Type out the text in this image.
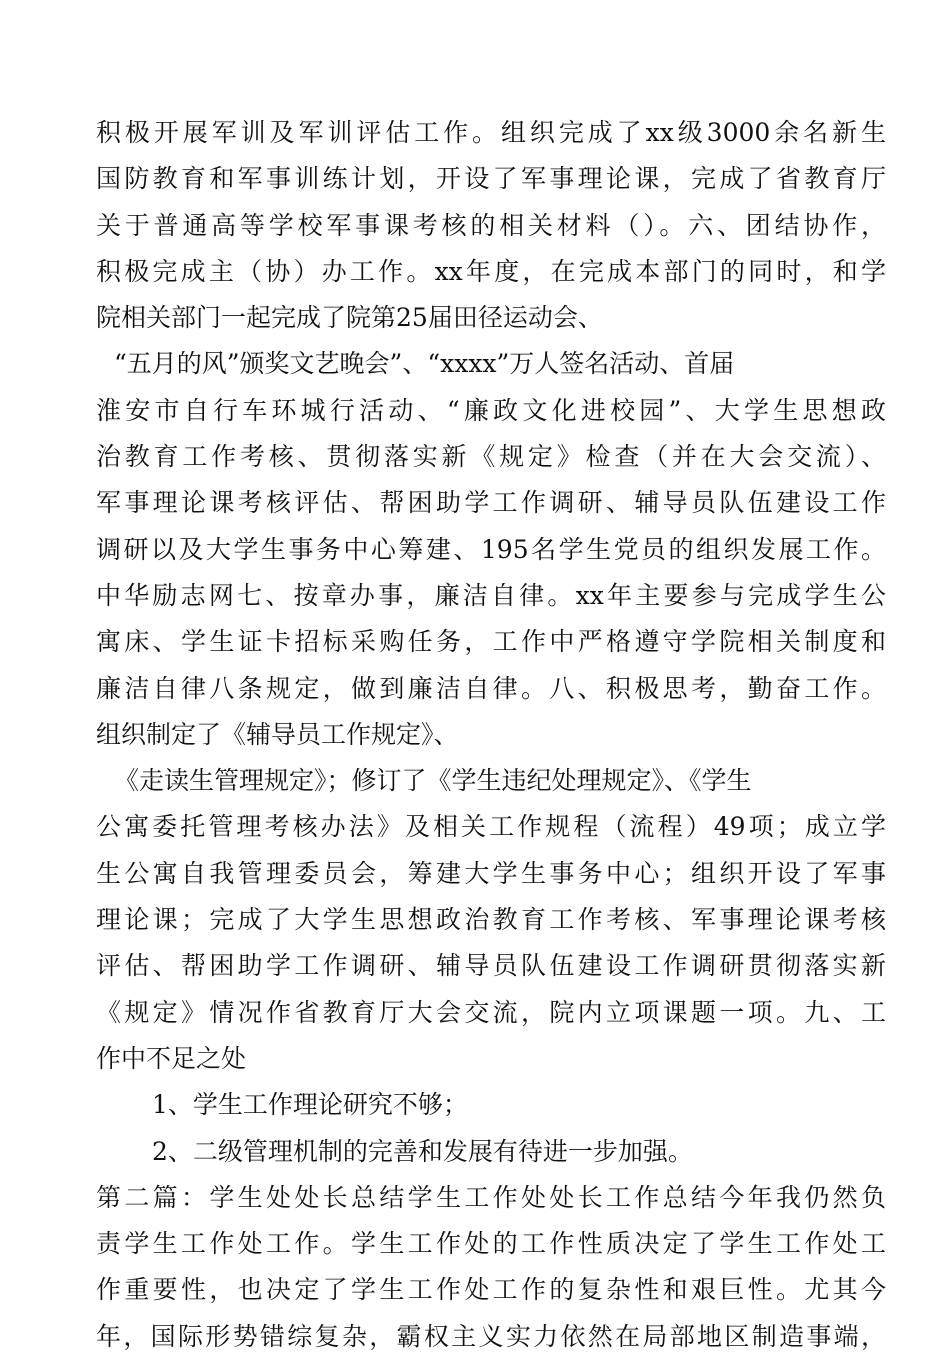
积极开展军训及军训评估工作。组织完成了xx级3000余名新生
国防教育和军事训练计划，开设了军事理论课，完成了省教育厅
关于普通高等学校军事课考核的相关材料（）。六、团结协作，
积极完成主（协）办工作。xx年度，在完成本部门的同时，和学
院相关部门一起完成了院第25届田径运动会、
“五月的风”颁奖文艺晚会”、“xxxx”万人签名活动、首届
淮安市自行车环城行活动、“廉政文化进校园”、大学生思想政
治教育工作考核、贯彻落实新《规定》检查（并在大会交流）、
军事理论课考核评估、帮困助学工作调研、辅导员队伍建设工作
调研以及大学生事务中心筹建、195名学生党员的组织发展工作。
中华励志网七、按章办事，廉洁自律。xx年主要参与完成学生公
寓床、学生证卡招标采购任务，工作中严格遵守学院相关制度和
廉洁自律八条规定，做到廉洁自律。八、积极思考，勤奋工作。
组织制定了《辅导员工作规定》、
《走读生管理规定》；修订了《学生违纪处理规定》、《学生
公寓委托管理考核办法》及相关工作规程（流程）49项；成立学
生公寓自我管理委员会，筹建大学生事务中心；组织开设了军事
理论课；完成了大学生思想政治教育工作考核、军事理论课考核
评估、帮困助学工作调研、辅导员队伍建设工作调研贯彻落实新
《规定》情况作省教育厅大会交流，院内立项课题一项。九、工
作中不足之处
1、学生工作理论研究不够；
2、二级管理机制的完善和发展有待进一步加强。
第二篇：学生处处长总结学生工作处处长工作总结今年我仍然负
责学生工作处工作。学生工作处的工作性质决定了学生工作处工
作重要性，也决定了学生工作处工作的复杂性和艰巨性。尤其今
年，国际形势错综复杂，霸权主义实力依然在局部地区制造事端，
